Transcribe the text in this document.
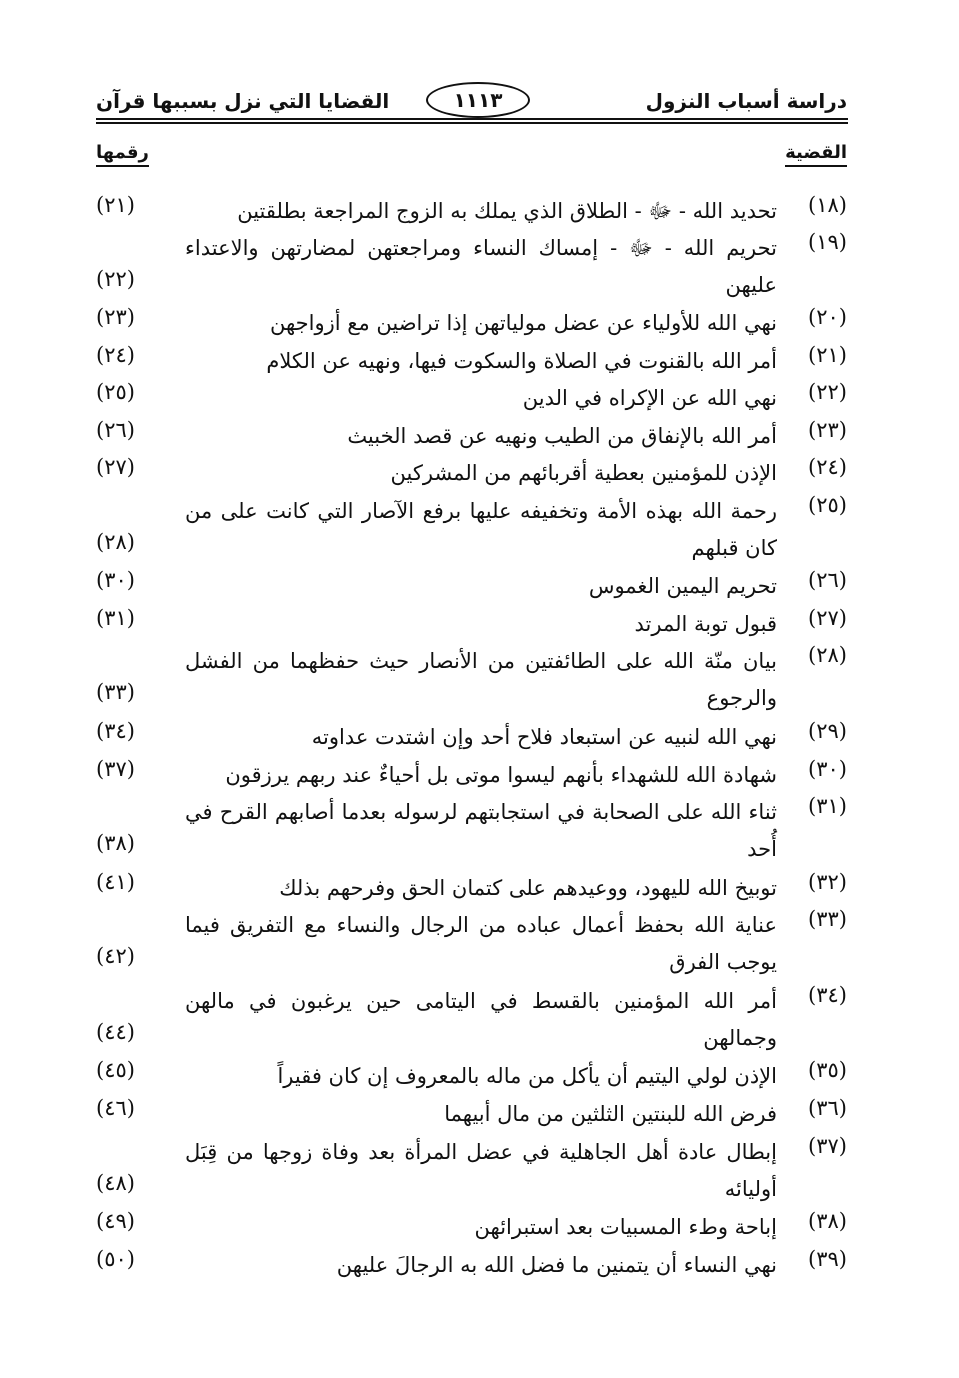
دراسة أسباب النزول
١١١٣
القضايا التي نزل بسببها قرآن
القضية
رقمها
(١٨)
تحديد الله - ﷻ - الطلاق الذي يملك به الزوج المراجعة بطلقتين
(٢١)
(١٩)
تحريم الله - ﷻ - إمساك النساء ومراجعتهن لمضارتهن والاعتداء عليهن
(٢٢)
(٢٠)
نهي الله للأولياء عن عضل مولياتهن إذا تراضين مع أزواجهن
(٢٣)
(٢١)
أمر الله بالقنوت في الصلاة والسكوت فيها، ونهيه عن الكلام
(٢٤)
(٢٢)
نهي الله عن الإكراه في الدين
(٢٥)
(٢٣)
أمر الله بالإنفاق من الطيب ونهيه عن قصد الخبيث
(٢٦)
(٢٤)
الإذن للمؤمنين بعطية أقربائهم من المشركين
(٢٧)
(٢٥)
رحمة الله بهذه الأمة وتخفيفه عليها برفع الآصار التي كانت على من كان قبلهم
(٢٨)
(٢٦)
تحريم اليمين الغموس
(٣٠)
(٢٧)
قبول توبة المرتد
(٣١)
(٢٨)
بيان منّة الله على الطائفتين من الأنصار حيث حفظهما من الفشل والرجوع
(٣٣)
(٢٩)
نهي الله لنبيه عن استبعاد فلاح أحد وإن اشتدت عداوته
(٣٤)
(٣٠)
شهادة الله للشهداء بأنهم ليسوا موتى بل أحياءٌ عند ربهم يرزقون
(٣٧)
(٣١)
ثناء الله على الصحابة في استجابتهم لرسوله بعدما أصابهم القرح في أُحد
(٣٨)
(٣٢)
توبيخ الله لليهود، ووعيدهم على كتمان الحق وفرحهم بذلك
(٤١)
(٣٣)
عناية الله بحفظ أعمال عباده من الرجال والنساء مع التفريق فيما يوجب الفرق
(٤٢)
(٣٤)
أمر الله المؤمنين بالقسط في اليتامى حين يرغبون في مالهن وجمالهن
(٤٤)
(٣٥)
الإذن لولي اليتيم أن يأكل من ماله بالمعروف إن كان فقيراً
(٤٥)
(٣٦)
فرض الله للبنتين الثلثين من مال أبيهما
(٤٦)
(٣٧)
إبطال عادة أهل الجاهلية في عضل المرأة بعد وفاة زوجها من قِبَل أوليائه
(٤٨)
(٣٨)
إباحة وطء المسبيات بعد استبرائهن
(٤٩)
(٣٩)
نهي النساء أن يتمنين ما فضل الله به الرجالَ عليهن
(٥٠)
